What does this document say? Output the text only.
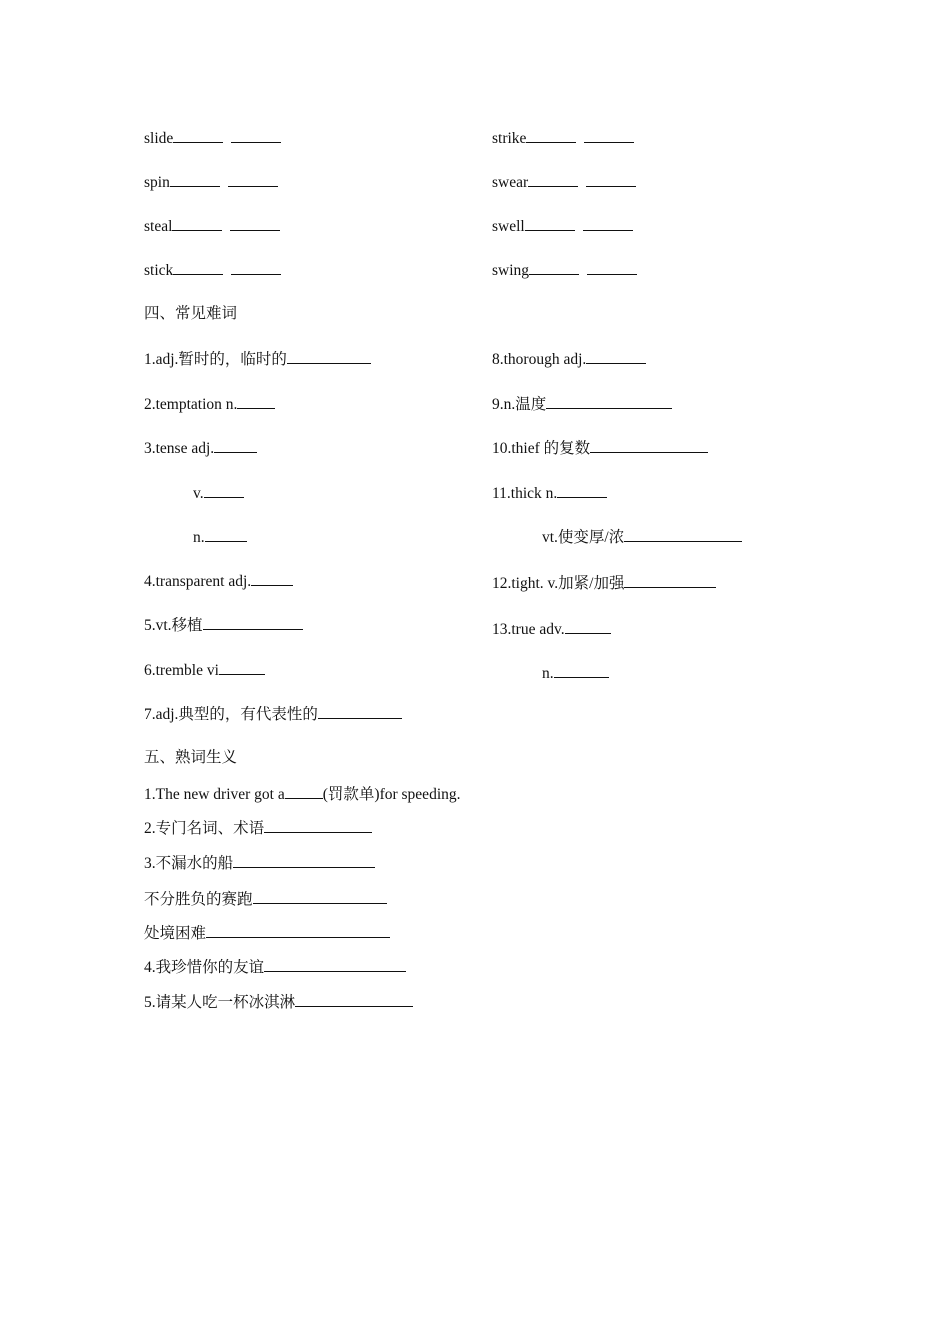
slide	strike
spin	swear
steal	swell
stick	swing
四、常见难词
1.adj.暂时的，临时的	8.thorough adj.
2.temptation n.	9.n.温度
3.tense adj.	10.thief 的复数
v.	11.thick n.
n.	vt.使变厚/浓
4.transparent adj.	12.tight. v.加紧/加强
5.vt.移植	13.true adv.
6.tremble vi	n.
7.adj.典型的，有代表性的
五、熟词生义
1.The new driver got a (罚款单)for speeding.
2.专门名词、术语
3.不漏水的船
不分胜负的赛跑
处境困难
4.我珍惜你的友谊
5.请某人吃一杯冰淇淋
